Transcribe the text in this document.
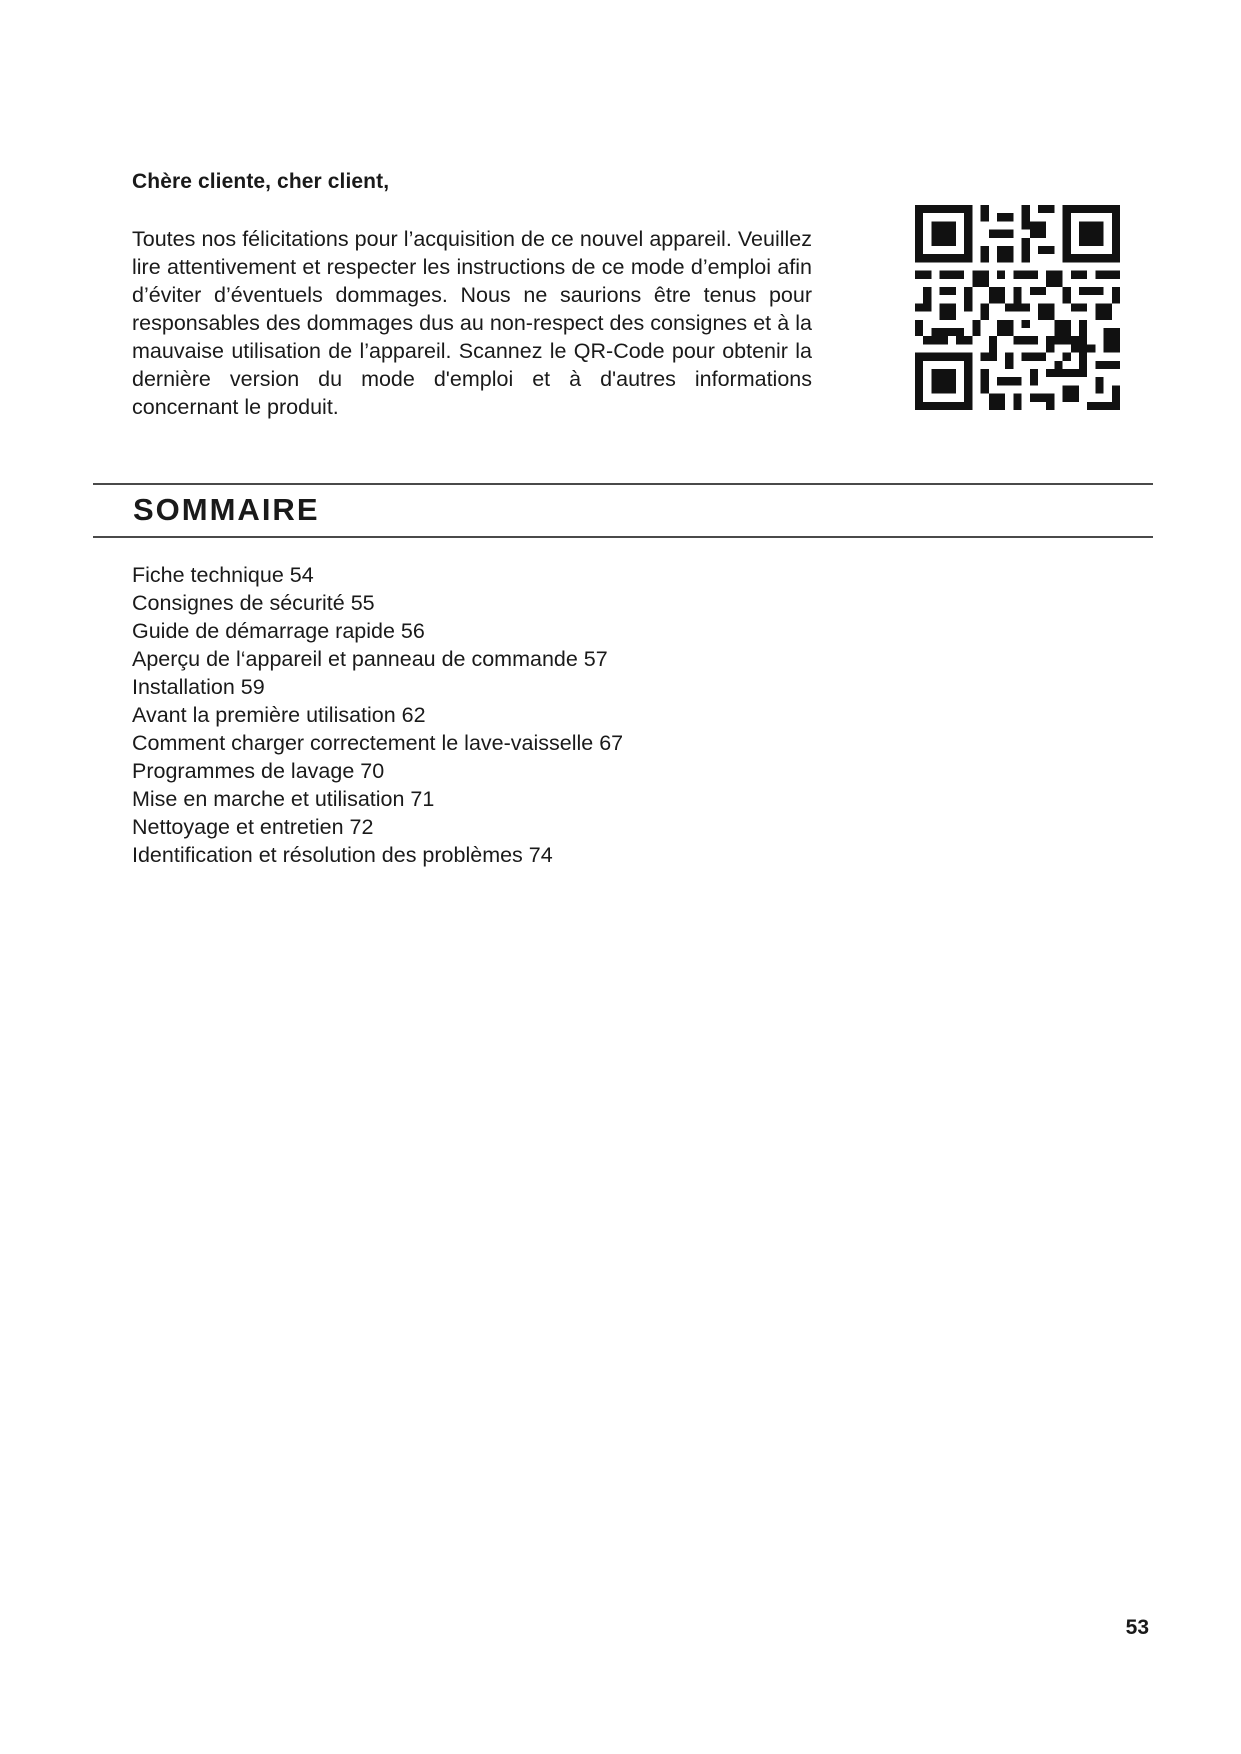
Chère cliente, cher client,
Toutes nos félicitations pour l’acquisition de ce nouvel appareil. Veuillez lire attentivement et respecter les instructions de ce mode d’emploi afin d’éviter d’éventuels dommages. Nous ne saurions être tenus pour responsables des dommages dus au non-respect des consignes et à la mauvaise utilisation de l’appareil. Scannez le QR-Code pour obtenir la dernière version du mode d'emploi et à d'autres informations concernant le produit.
SOMMAIRE
Fiche technique 54
Consignes de sécurité 55
Guide de démarrage rapide 56
Aperçu de l‘appareil et panneau de commande 57
Installation 59
Avant la première utilisation 62
Comment charger correctement le lave-vaisselle 67
Programmes de lavage 70
Mise en marche et utilisation 71
Nettoyage et entretien 72
Identification et résolution des problèmes 74
53
